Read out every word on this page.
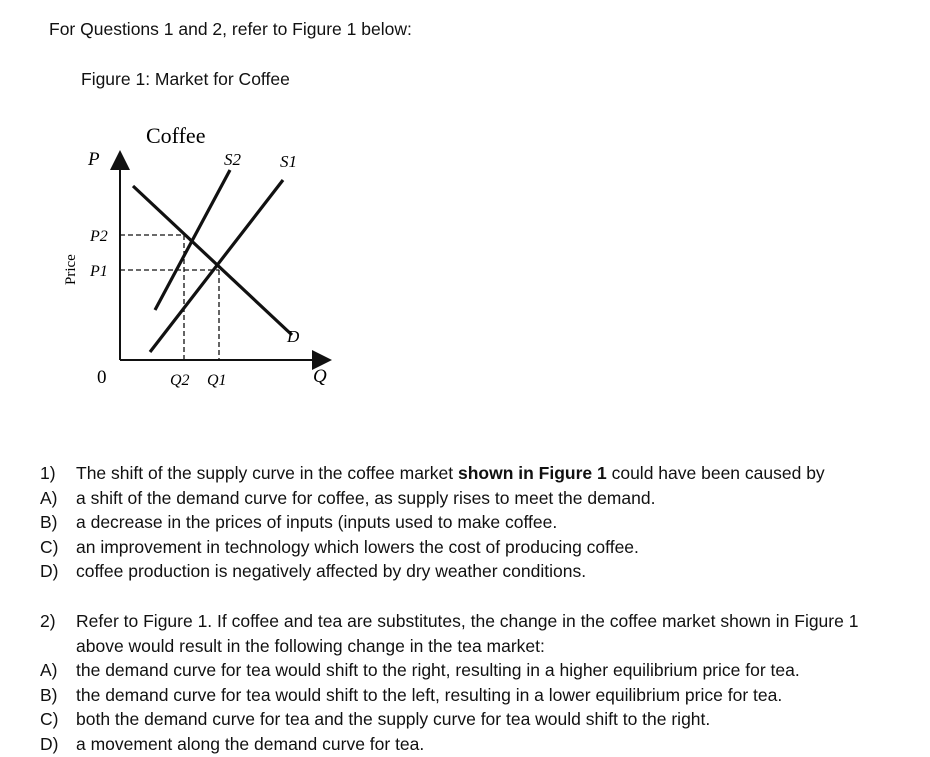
For Questions 1 and 2, refer to Figure 1 below:
Figure 1: Market for Coffee
Coffee
P
Q
0
Price
P2
P1
Q2 Q1
S2 S1
D
1)	The shift of the supply curve in the coffee market shown in Figure 1 could have been caused by
A)	a shift of the demand curve for coffee, as supply rises to meet the demand.
B)	a decrease in the prices of inputs (inputs used to make coffee.
C)	an improvement in technology which lowers the cost of producing coffee.
D)	coffee production is negatively affected by dry weather conditions.
2)	Refer to Figure 1. If coffee and tea are substitutes, the change in the coffee market shown in Figure 1
above would result in the following change in the tea market:
A)	the demand curve for tea would shift to the right, resulting in a higher equilibrium price for tea.
B)	the demand curve for tea would shift to the left, resulting in a lower equilibrium price for tea.
C)	both the demand curve for tea and the supply curve for tea would shift to the right.
D)	a movement along the demand curve for tea.
